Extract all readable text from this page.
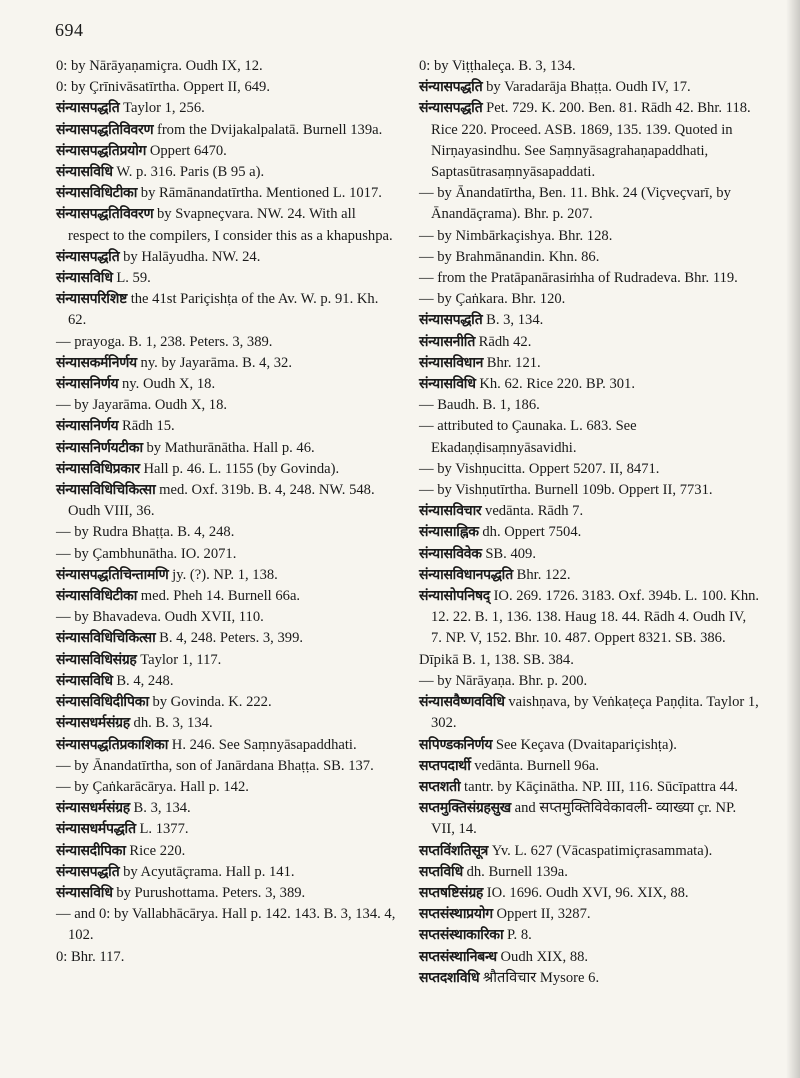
694

0: by Nārāyaṇamiçra. Oudh IX, 12.

0: by Çrīnivāsatīrtha. Oppert II, 649.

संन्यासपद्धति Taylor 1, 256.

संन्यासपद्धतिविवरण from the Dvijakalpalatā. Burnell 139a.

संन्यासपद्धतिप्रयोग Oppert 6470.

संन्यासविधि W. p. 316. Paris (B 95 a).

संन्यासविधिटीका by Rāmānandatīrtha. Mentioned L. 1017.

संन्यासपद्धतिविवरण by Svapneçvara. NW. 24. With all respect to the compilers, I consider this as a khapushpa.

संन्यासपद्धति by Halāyudha. NW. 24.

संन्यासविधि L. 59.

संन्यासपरिशिष्ट the 41st Pariçishṭa of the Av. W. p. 91. Kh. 62.

— prayoga. B. 1, 238. Peters. 3, 389.

संन्यासकर्मनिर्णय ny. by Jayarāma. B. 4, 32.

संन्यासनिर्णय ny. Oudh X, 18.

— by Jayarāma. Oudh X, 18.

संन्यासनिर्णय Rādh 15.

संन्यासनिर्णयटीका by Mathurānātha. Hall p. 46.

संन्यासविधिप्रकार Hall p. 46. L. 1155 (by Govinda).

संन्यासविधिचिकित्सा med. Oxf. 319b. B. 4, 248. NW. 548. Oudh VIII, 36.

— by Rudra Bhaṭṭa. B. 4, 248.

— by Çambhunātha. IO. 2071.

संन्यासपद्धतिचिन्तामणि jy. (?). NP. 1, 138.

संन्यासविधिटीका med. Pheh 14. Burnell 66a.

— by Bhavadeva. Oudh XVII, 110.

संन्यासविधिचिकित्सा B. 4, 248. Peters. 3, 399.

संन्यासविधिसंग्रह Taylor 1, 117.

संन्यासविधि B. 4, 248.

संन्यासविधिदीपिका by Govinda. K. 222.

संन्यासधर्मसंग्रह dh. B. 3, 134.

संन्यासपद्धतिप्रकाशिका H. 246. See Saṃnyāsapaddhati.

— by Ānandatīrtha, son of Janārdana Bhaṭṭa. SB. 137.

— by Çaṅkarācārya. Hall p. 142.

संन्यासधर्मसंग्रह B. 3, 134.

संन्यासधर्मपद्धति L. 1377.

संन्यासदीपिका Rice 220.

संन्यासपद्धति by Acyutāçrama. Hall p. 141.

संन्यासविधि by Purushottama. Peters. 3, 389.

— and 0: by Vallabhācārya. Hall p. 142. 143. B. 3, 134. 4, 102.

0: Bhr. 117.

0: by Viṭṭhaleça. B. 3, 134.

संन्यासपद्धति by Varadarāja Bhaṭṭa. Oudh IV, 17.

संन्यासपद्धति Pet. 729. K. 200. Ben. 81. Rādh 42. Bhr. 118. Rice 220. Proceed. ASB. 1869, 135. 139. Quoted in Nirṇayasindhu. See Saṃnyāsagrahaṇapaddhati, Saptasūtrasaṃnyāsapaddati.

— by Ānandatīrtha, Ben. 11. Bhk. 24 (Viçveçvarī, by Ānandāçrama). Bhr. p. 207.

— by Nimbārkaçishya. Bhr. 128.

— by Brahmānandin. Khn. 86.

— from the Pratāpanārasiṁha of Rudradeva. Bhr. 119.

— by Çaṅkara. Bhr. 120.

संन्यासपद्धति B. 3, 134.

संन्यासनीति Rādh 42.

संन्यासविधान Bhr. 121.

संन्यासविधि Kh. 62. Rice 220. BP. 301.

— Baudh. B. 1, 186.

— attributed to Çaunaka. L. 683. See Ekadaṇḍisaṃnyāsavidhi.

— by Vishṇucitta. Oppert 5207. II, 8471.

— by Vishṇutīrtha. Burnell 109b. Oppert II, 7731.

संन्यासविचार vedānta. Rādh 7.

संन्यासाह्निक dh. Oppert 7504.

संन्यासविवेक SB. 409.

संन्यासविधानपद्धति Bhr. 122.

संन्यासोपनिषद् IO. 269. 1726. 3183. Oxf. 394b. L. 100. Khn. 12. 22. B. 1, 136. 138. Haug 18. 44. Rādh 4. Oudh IV, 7. NP. V, 152. Bhr. 10. 487. Oppert 8321. SB. 386.

Dīpikā B. 1, 138. SB. 384.

— by Nārāyaṇa. Bhr. p. 200.

संन्यासवैष्णवविधि vaishṇava, by Veṅkaṭeça Paṇḍita. Taylor 1, 302.

सपिण्डकनिर्णय See Keçava (Dvaitapariçishṭa).

सप्तपदार्थी vedānta. Burnell 96a.

सप्तशती tantr. by Kāçinātha. NP. III, 116. Sūcīpattra 44.

सप्तमुक्तिसंग्रहसुख and सप्तमुक्तिविवेकावली- व्याख्या çr. NP. VII, 14.

सप्तविंशतिसूत्र Yv. L. 627 (Vācaspatimiçrasammata).

सप्तविधि dh. Burnell 139a.

सप्तषष्टिसंग्रह IO. 1696. Oudh XVI, 96. XIX, 88.

सप्तसंस्थाप्रयोग Oppert II, 3287.

सप्तसंस्थाकारिका P. 8.

सप्तसंस्थानिबन्ध Oudh XIX, 88.

सप्तदशविधि श्रौतविचार Mysore 6.
